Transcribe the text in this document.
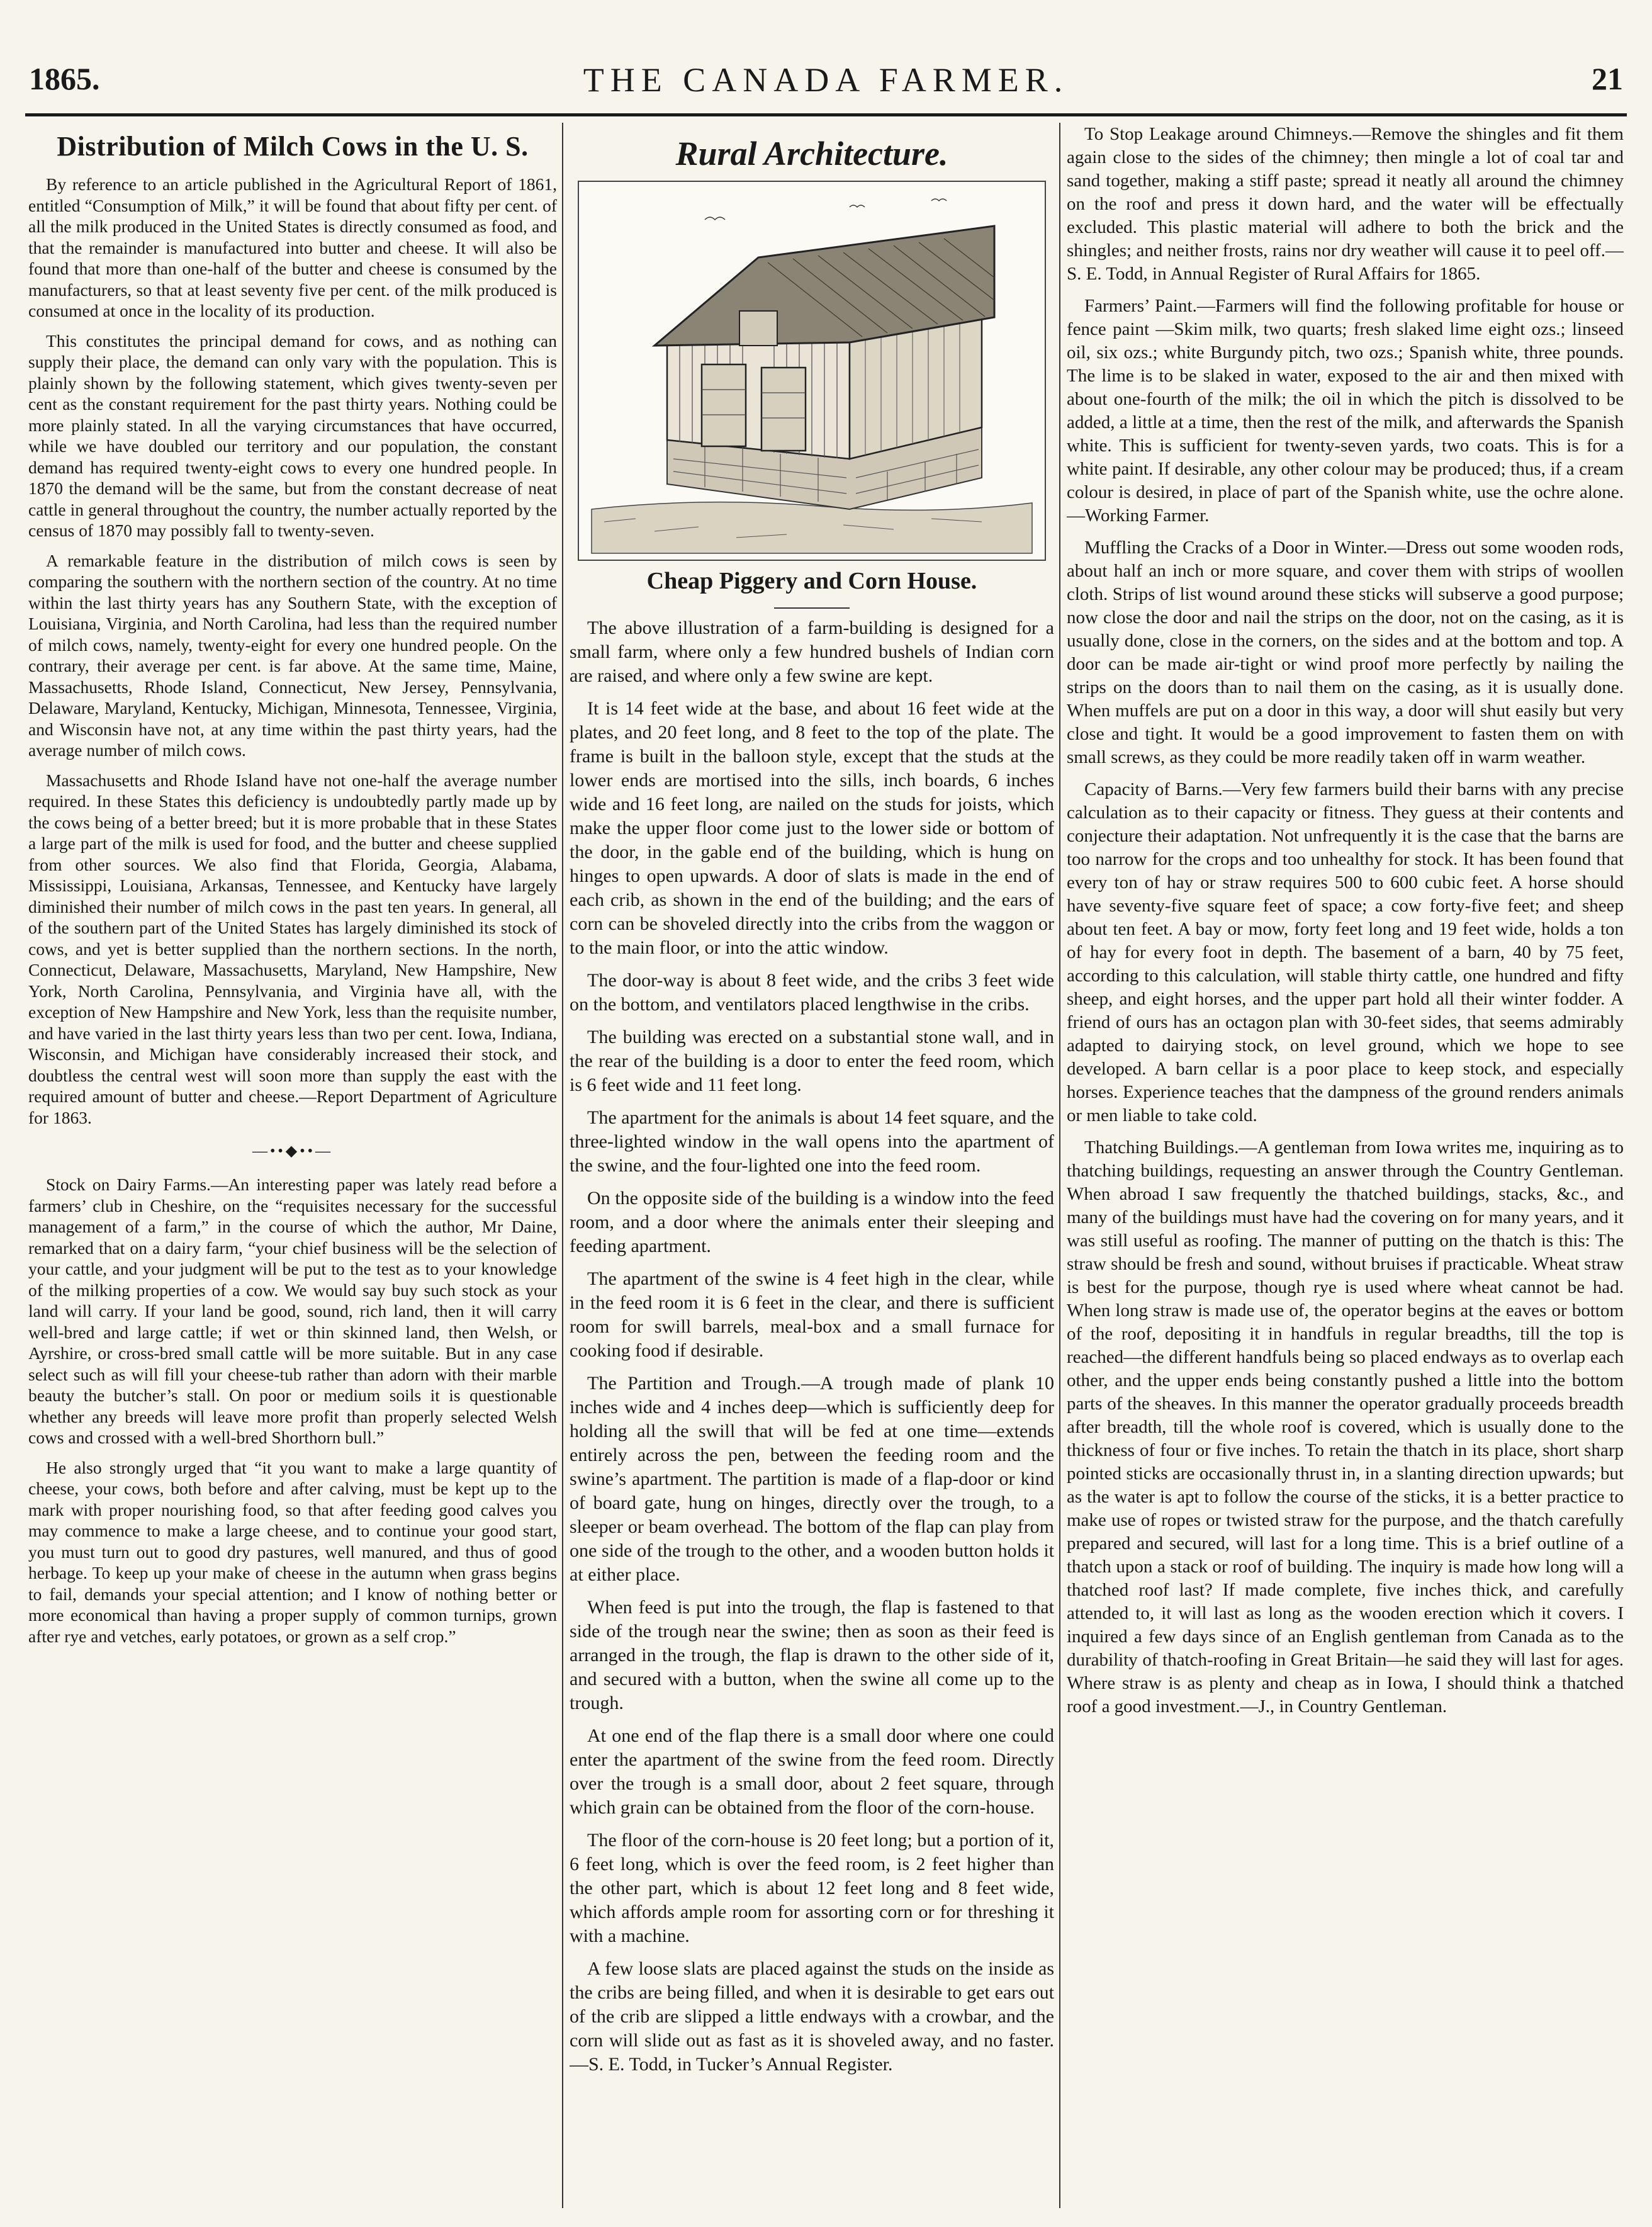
1865.	THE CANADA FARMER.	21
Distribution of Milch Cows in the U. S.

By reference to an article published in the Agricultural Report of 1861, entitled “Consumption of Milk,” it will be found that about fifty per cent. of all the milk produced in the United States is directly consumed as food, and that the remainder is manufactured into butter and cheese. It will also be found that more than one-half of the butter and cheese is consumed by the manufacturers, so that at least seventy five per cent. of the milk produced is consumed at once in the locality of its production.

This constitutes the principal demand for cows, and as nothing can supply their place, the demand can only vary with the population. This is plainly shown by the following statement, which gives twenty-seven per cent as the constant requirement for the past thirty years. Nothing could be more plainly stated. In all the varying circumstances that have occurred, while we have doubled our territory and our population, the constant demand has required twenty-eight cows to every one hundred people. In 1870 the demand will be the same, but from the constant decrease of neat cattle in general throughout the country, the number actually reported by the census of 1870 may possibly fall to twenty-seven.

A remarkable feature in the distribution of milch cows is seen by comparing the southern with the northern section of the country. At no time within the last thirty years has any Southern State, with the exception of Louisiana, Virginia, and North Carolina, had less than the required number of milch cows, namely, twenty-eight for every one hundred people. On the contrary, their average per cent. is far above. At the same time, Maine, Massachusetts, Rhode Island, Connecticut, New Jersey, Pennsylvania, Delaware, Maryland, Kentucky, Michigan, Minnesota, Tennessee, Virginia, and Wisconsin have not, at any time within the past thirty years, had the average number of milch cows.

Massachusetts and Rhode Island have not one-half the average number required. In these States this deficiency is undoubtedly partly made up by the cows being of a better breed; but it is more probable that in these States a large part of the milk is used for food, and the butter and cheese supplied from other sources. We also find that Florida, Georgia, Alabama, Mississippi, Louisiana, Arkansas, Tennessee, and Kentucky have largely diminished their number of milch cows in the past ten years. In general, all of the southern part of the United States has largely diminished its stock of cows, and yet is better supplied than the northern sections. In the north, Connecticut, Delaware, Massachusetts, Maryland, New Hampshire, New York, North Carolina, Pennsylvania, and Virginia have all, with the exception of New Hampshire and New York, less than the requisite number, and have varied in the last thirty years less than two per cent. Iowa, Indiana, Wisconsin, and Michigan have considerably increased their stock, and doubtless the central west will soon more than supply the east with the required amount of butter and cheese.—Report Department of Agriculture for 1863.

—••◆••—

Stock on Dairy Farms.—An interesting paper was lately read before a farmers’ club in Cheshire, on the “requisites necessary for the successful management of a farm,” in the course of which the author, Mr Daine, remarked that on a dairy farm, “your chief business will be the selection of your cattle, and your judgment will be put to the test as to your knowledge of the milking properties of a cow. We would say buy such stock as your land will carry. If your land be good, sound, rich land, then it will carry well-bred and large cattle; if wet or thin skinned land, then Welsh, or Ayrshire, or cross-bred small cattle will be more suitable. But in any case select such as will fill your cheese-tub rather than adorn with their marble beauty the butcher’s stall. On poor or medium soils it is questionable whether any breeds will leave more profit than properly selected Welsh cows and crossed with a well-bred Shorthorn bull.”

He also strongly urged that “it you want to make a large quantity of cheese, your cows, both before and after calving, must be kept up to the mark with proper nourishing food, so that after feeding good calves you may commence to make a large cheese, and to continue your good start, you must turn out to good dry pastures, well manured, and thus of good herbage. To keep up your make of cheese in the autumn when grass begins to fail, demands your special attention; and I know of nothing better or more economical than having a proper supply of common turnips, grown after rye and vetches, early potatoes, or grown as a self crop.”

Rural Architecture.
Cheap Piggery and Corn House.

The above illustration of a farm-building is designed for a small farm, where only a few hundred bushels of Indian corn are raised, and where only a few swine are kept.

It is 14 feet wide at the base, and about 16 feet wide at the plates, and 20 feet long, and 8 feet to the top of the plate. The frame is built in the balloon style, except that the studs at the lower ends are mortised into the sills, inch boards, 6 inches wide and 16 feet long, are nailed on the studs for joists, which make the upper floor come just to the lower side or bottom of the door, in the gable end of the building, which is hung on hinges to open upwards. A door of slats is made in the end of each crib, as shown in the end of the building; and the ears of corn can be shoveled directly into the cribs from the waggon or to the main floor, or into the attic window.

The door-way is about 8 feet wide, and the cribs 3 feet wide on the bottom, and ventilators placed lengthwise in the cribs.

The building was erected on a substantial stone wall, and in the rear of the building is a door to enter the feed room, which is 6 feet wide and 11 feet long.

The apartment for the animals is about 14 feet square, and the three-lighted window in the wall opens into the apartment of the swine, and the four-lighted one into the feed room.

On the opposite side of the building is a window into the feed room, and a door where the animals enter their sleeping and feeding apartment.

The apartment of the swine is 4 feet high in the clear, while in the feed room it is 6 feet in the clear, and there is sufficient room for swill barrels, meal-box and a small furnace for cooking food if desirable.

The Partition and Trough.—A trough made of plank 10 inches wide and 4 inches deep—which is sufficiently deep for holding all the swill that will be fed at one time—extends entirely across the pen, between the feeding room and the swine’s apartment. The partition is made of a flap-door or kind of board gate, hung on hinges, directly over the trough, to a sleeper or beam overhead. The bottom of the flap can play from one side of the trough to the other, and a wooden button holds it at either place.

When feed is put into the trough, the flap is fastened to that side of the trough near the swine; then as soon as their feed is arranged in the trough, the flap is drawn to the other side of it, and secured with a button, when the swine all come up to the trough.

At one end of the flap there is a small door where one could enter the apartment of the swine from the feed room. Directly over the trough is a small door, about 2 feet square, through which grain can be obtained from the floor of the corn-house.

The floor of the corn-house is 20 feet long; but a portion of it, 6 feet long, which is over the feed room, is 2 feet higher than the other part, which is about 12 feet long and 8 feet wide, which affords ample room for assorting corn or for threshing it with a machine.

A few loose slats are placed against the studs on the inside as the cribs are being filled, and when it is desirable to get ears out of the crib are slipped a little endways with a crowbar, and the corn will slide out as fast as it is shoveled away, and no faster.—S. E. Todd, in Tucker’s Annual Register.

To Stop Leakage around Chimneys.—Remove the shingles and fit them again close to the sides of the chimney; then mingle a lot of coal tar and sand together, making a stiff paste; spread it neatly all around the chimney on the roof and press it down hard, and the water will be effectually excluded. This plastic material will adhere to both the brick and the shingles; and neither frosts, rains nor dry weather will cause it to peel off.—S. E. Todd, in Annual Register of Rural Affairs for 1865.

Farmers’ Paint.—Farmers will find the following profitable for house or fence paint —Skim milk, two quarts; fresh slaked lime eight ozs.; linseed oil, six ozs.; white Burgundy pitch, two ozs.; Spanish white, three pounds. The lime is to be slaked in water, exposed to the air and then mixed with about one-fourth of the milk; the oil in which the pitch is dissolved to be added, a little at a time, then the rest of the milk, and afterwards the Spanish white. This is sufficient for twenty-seven yards, two coats. This is for a white paint. If desirable, any other colour may be produced; thus, if a cream colour is desired, in place of part of the Spanish white, use the ochre alone.—Working Farmer.

Muffling the Cracks of a Door in Winter.—Dress out some wooden rods, about half an inch or more square, and cover them with strips of woollen cloth. Strips of list wound around these sticks will subserve a good purpose; now close the door and nail the strips on the door, not on the casing, as it is usually done, close in the corners, on the sides and at the bottom and top. A door can be made air-tight or wind proof more perfectly by nailing the strips on the doors than to nail them on the casing, as it is usually done. When muffels are put on a door in this way, a door will shut easily but very close and tight. It would be a good improvement to fasten them on with small screws, as they could be more readily taken off in warm weather.

Capacity of Barns.—Very few farmers build their barns with any precise calculation as to their capacity or fitness. They guess at their contents and conjecture their adaptation. Not unfrequently it is the case that the barns are too narrow for the crops and too unhealthy for stock. It has been found that every ton of hay or straw requires 500 to 600 cubic feet. A horse should have seventy-five square feet of space; a cow forty-five feet; and sheep about ten feet. A bay or mow, forty feet long and 19 feet wide, holds a ton of hay for every foot in depth. The basement of a barn, 40 by 75 feet, according to this calculation, will stable thirty cattle, one hundred and fifty sheep, and eight horses, and the upper part hold all their winter fodder. A friend of ours has an octagon plan with 30-feet sides, that seems admirably adapted to dairying stock, on level ground, which we hope to see developed. A barn cellar is a poor place to keep stock, and especially horses. Experience teaches that the dampness of the ground renders animals or men liable to take cold.

Thatching Buildings.—A gentleman from Iowa writes me, inquiring as to thatching buildings, requesting an answer through the Country Gentleman. When abroad I saw frequently the thatched buildings, stacks, &c., and many of the buildings must have had the covering on for many years, and it was still useful as roofing. The manner of putting on the thatch is this: The straw should be fresh and sound, without bruises if practicable. Wheat straw is best for the purpose, though rye is used where wheat cannot be had. When long straw is made use of, the operator begins at the eaves or bottom of the roof, depositing it in handfuls in regular breadths, till the top is reached—the different handfuls being so placed endways as to overlap each other, and the upper ends being constantly pushed a little into the bottom parts of the sheaves. In this manner the operator gradually proceeds breadth after breadth, till the whole roof is covered, which is usually done to the thickness of four or five inches. To retain the thatch in its place, short sharp pointed sticks are occasionally thrust in, in a slanting direction upwards; but as the water is apt to follow the course of the sticks, it is a better practice to make use of ropes or twisted straw for the purpose, and the thatch carefully prepared and secured, will last for a long time. This is a brief outline of a thatch upon a stack or roof of building. The inquiry is made how long will a thatched roof last? If made complete, five inches thick, and carefully attended to, it will last as long as the wooden erection which it covers. I inquired a few days since of an English gentleman from Canada as to the durability of thatch-roofing in Great Britain—he said they will last for ages. Where straw is as plenty and cheap as in Iowa, I should think a thatched roof a good investment.—J., in Country Gentleman.
